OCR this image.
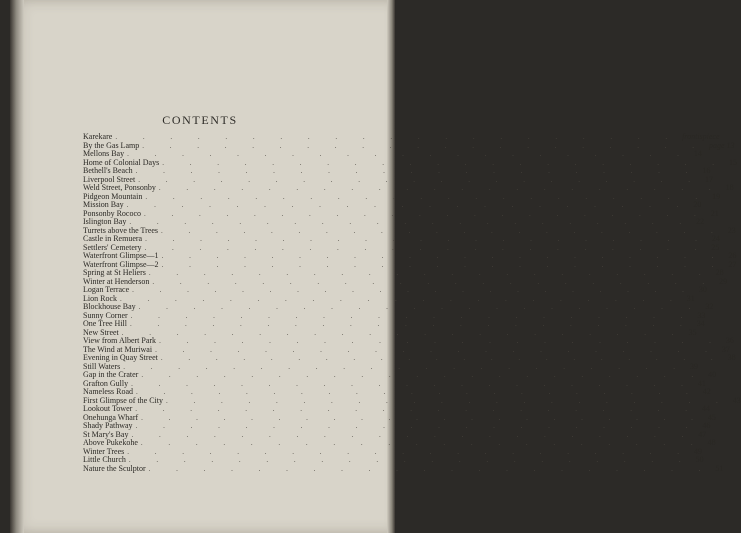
CONTENTS
Karekare . . . . . . . . . . . . . . . . . . . . . frontispiece
By the Gas Lamp . . . . . . . . . . . . . . . . . . . . . page 13
Mellons Bay . . . . . . . . . . . . . . . . . . . . . 14
Home of Colonial Days . . . . . . . . . . . . . . . . . . . . . 15
Bethell's Beach . . . . . . . . . . . . . . . . . . . . . 16
Liverpool Street . . . . . . . . . . . . . . . . . . . . . 17
Weld Street, Ponsonby . . . . . . . . . . . . . . . . . . . . . 18
Pidgeon Mountain . . . . . . . . . . . . . . . . . . . . . 19
Mission Bay . . . . . . . . . . . . . . . . . . . . . 20
Ponsonby Rococo . . . . . . . . . . . . . . . . . . . . . 21
Islington Bay . . . . . . . . . . . . . . . . . . . . . 22
Turrets above the Trees . . . . . . . . . . . . . . . . . . . . . 23
Castle in Remuera . . . . . . . . . . . . . . . . . . . . . 24
Settlers' Cemetery . . . . . . . . . . . . . . . . . . . . . 25
Waterfront Glimpse—1 . . . . . . . . . . . . . . . . . . . . . 26
Waterfront Glimpse—2 . . . . . . . . . . . . . . . . . . . . . 27
Spring at St Heliers . . . . . . . . . . . . . . . . . . . . . 28
Winter at Henderson . . . . . . . . . . . . . . . . . . . . . 29
Logan Terrace . . . . . . . . . . . . . . . . . . . . . 30
Lion Rock . . . . . . . . . . . . . . . . . . . . . 31
Blockhouse Bay . . . . . . . . . . . . . . . . . . . . . 32
Sunny Corner . . . . . . . . . . . . . . . . . . . . . 33
One Tree Hill . . . . . . . . . . . . . . . . . . . . . 34
New Street . . . . . . . . . . . . . . . . . . . . . 35
View from Albert Park . . . . . . . . . . . . . . . . . . . . . 36
The Wind at Muriwai . . . . . . . . . . . . . . . . . . . . . 37
Evening in Quay Street . . . . . . . . . . . . . . . . . . . . . 38
Still Waters . . . . . . . . . . . . . . . . . . . . . 39
Gap in the Crater . . . . . . . . . . . . . . . . . . . . . 40
Grafton Gully . . . . . . . . . . . . . . . . . . . . . 41
Nameless Road . . . . . . . . . . . . . . . . . . . . . 42
First Glimpse of the City . . . . . . . . . . . . . . . . . . . . . 43
Lookout Tower . . . . . . . . . . . . . . . . . . . . . 44
Onehunga Wharf . . . . . . . . . . . . . . . . . . . . . 45
Shady Pathway . . . . . . . . . . . . . . . . . . . . . 46
St Mary's Bay . . . . . . . . . . . . . . . . . . . . . 47
Above Pukekohe . . . . . . . . . . . . . . . . . . . . . 48
Winter Trees . . . . . . . . . . . . . . . . . . . . . 49
Little Church . . . . . . . . . . . . . . . . . . . . . 50
Nature the Sculptor . . . . . . . . . . . . . . . . . . . . . 51
